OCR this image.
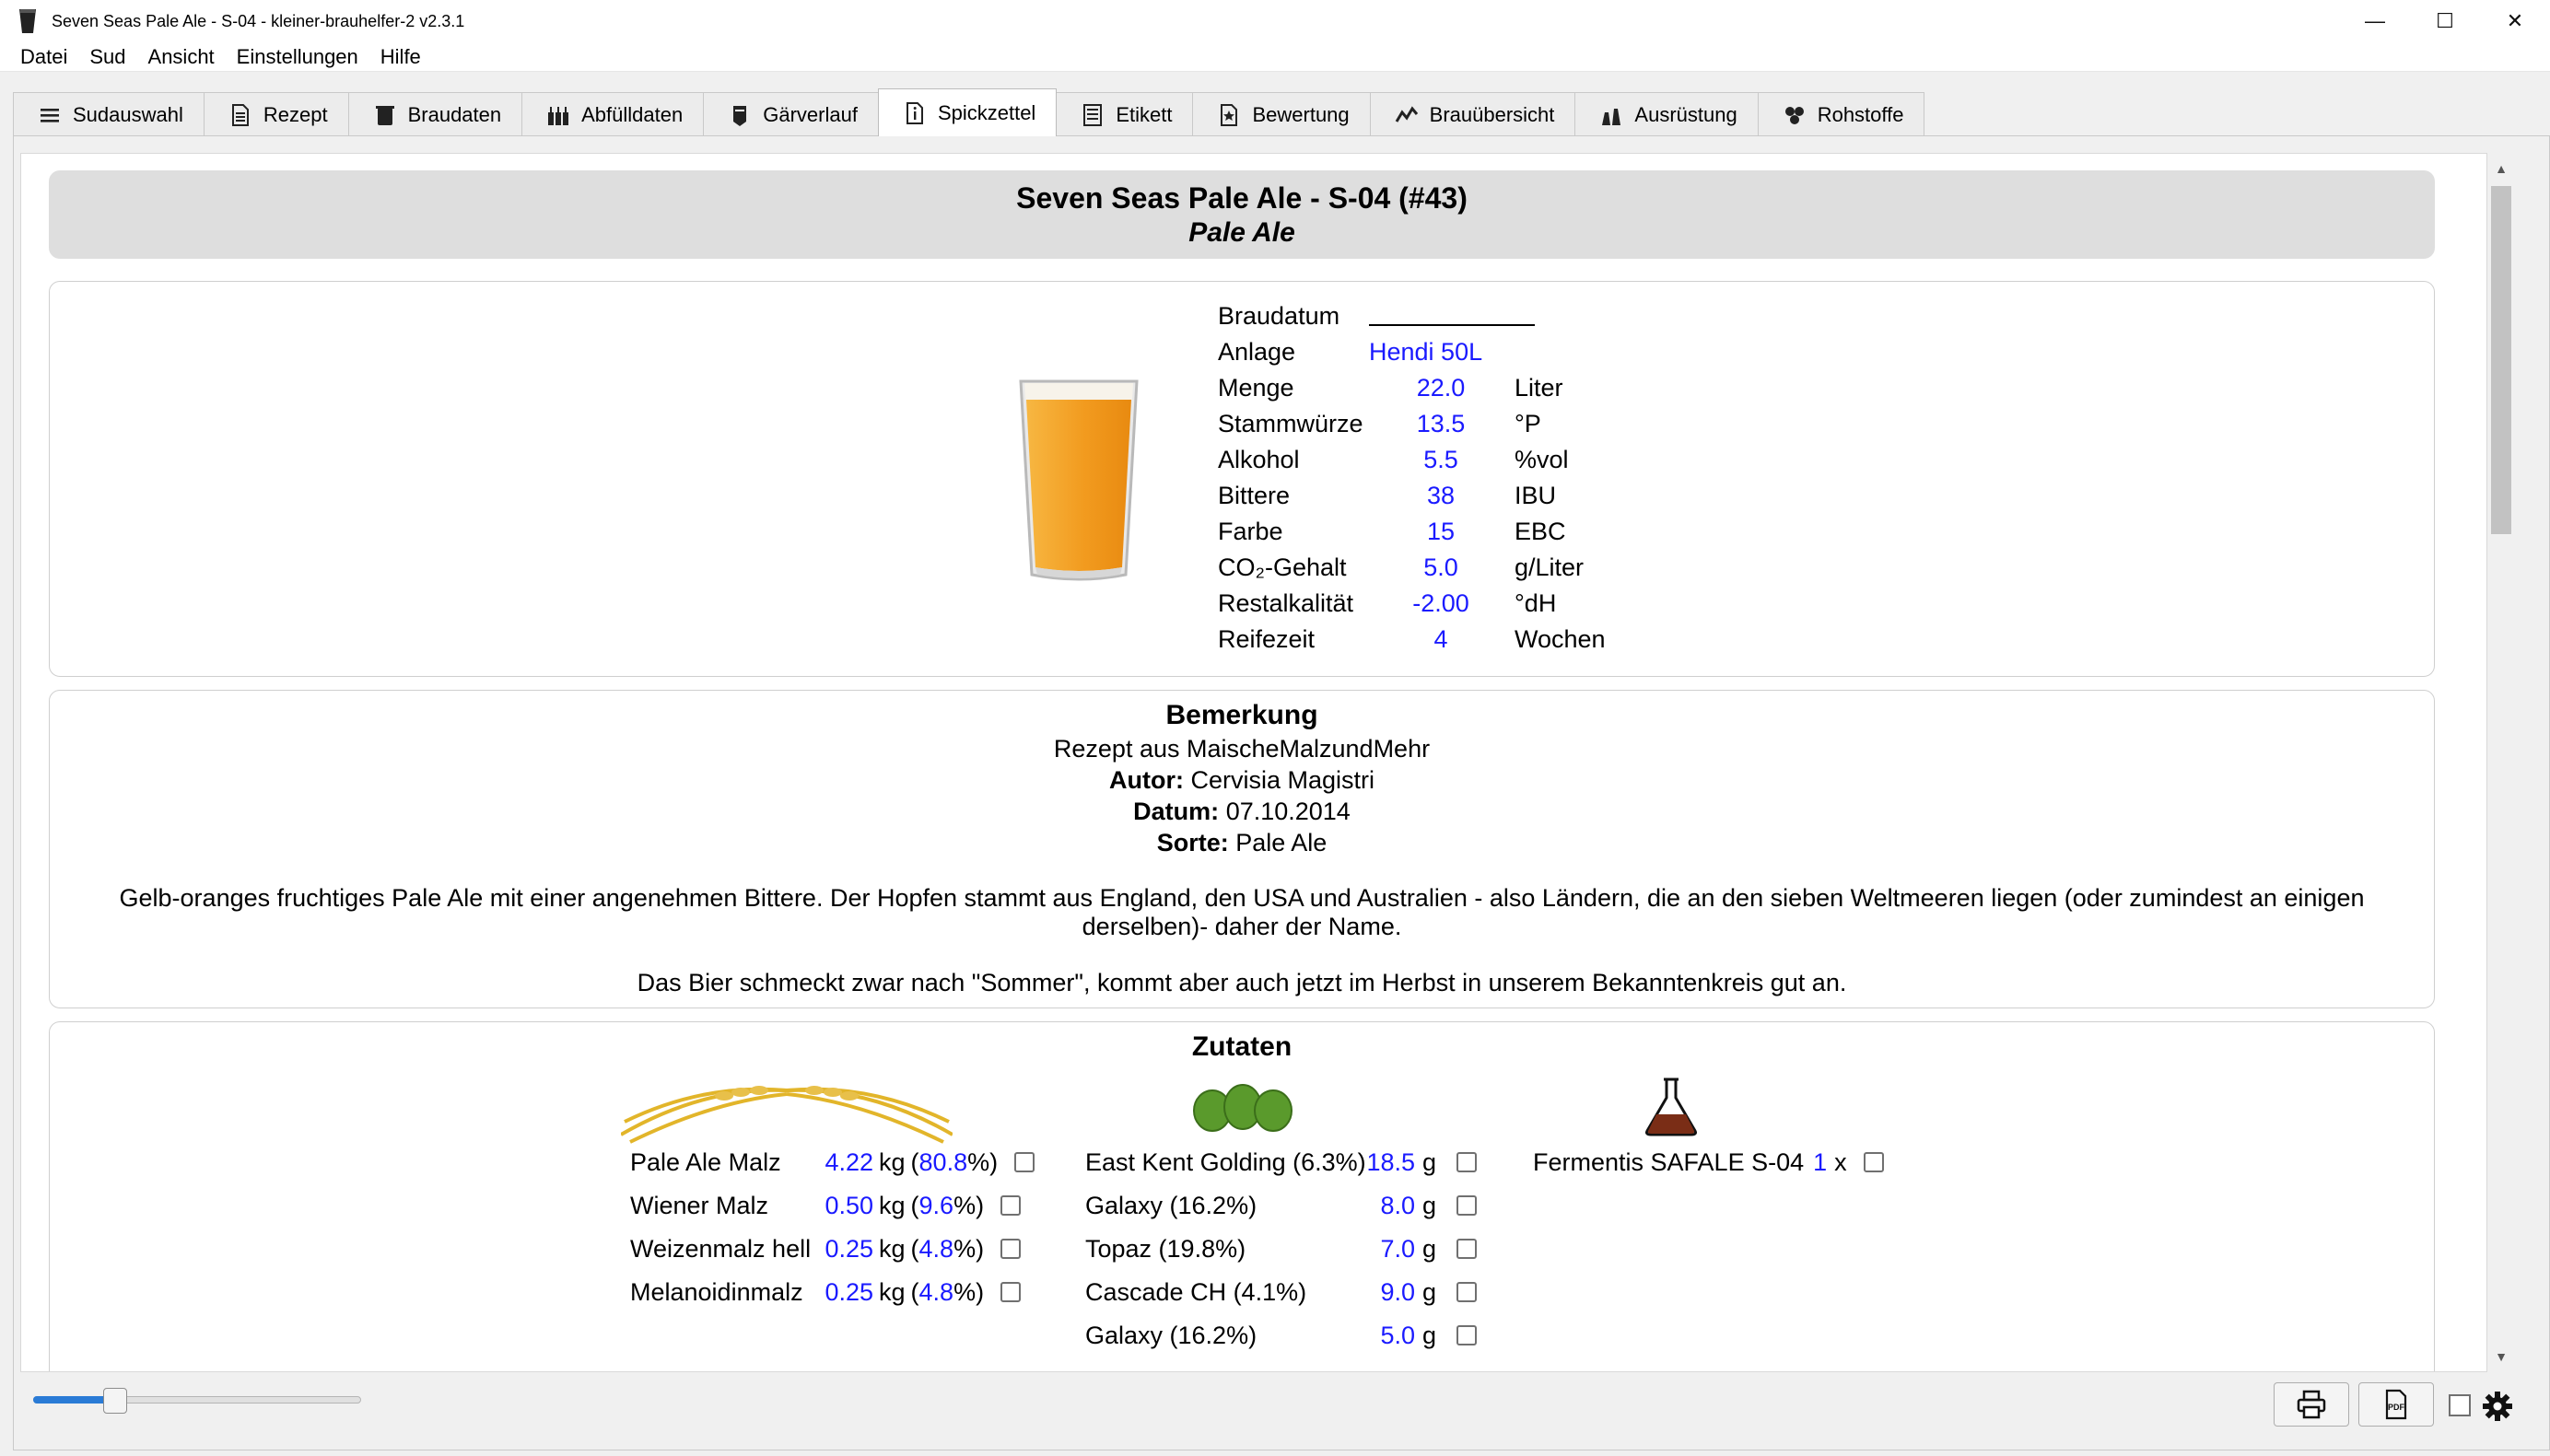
Seven Seas Pale Ale - S-04 - kleiner-brauhelfer-2 v2.3.1	—	☐	✕
Datei	Sud	Ansicht	Einstellungen	Hilfe
Sudauswahl	Rezept	Braudaten	Abfülldaten	Gärverlauf	Spickzettel	Etikett	Bewertung	Brauübersicht	Ausrüstung	Rohstoffe
Seven Seas Pale Ale - S-04 (#43)
Pale Ale
Braudatum
Anlage	Hendi 50L
Menge	22.0	Liter
Stammwürze	13.5	°P
Alkohol	5.5	%vol
Bittere	38	IBU
Farbe	15	EBC
CO₂-Gehalt	5.0	g/Liter
Restalkalität	-2.00	°dH
Reifezeit	4	Wochen
Bemerkung
Rezept aus MaischeMalzundMehr
Autor: Cervisia Magistri
Datum: 07.10.2014
Sorte: Pale Ale
Gelb-oranges fruchtiges Pale Ale mit einer angenehmen Bittere. Der Hopfen stammt aus England, den USA und Australien - also Ländern, die an den sieben Weltmeeren liegen (oder zumindest an einigen derselben)- daher der Name.
Das Bier schmeckt zwar nach "Sommer", kommt aber auch jetzt im Herbst in unserem Bekanntenkreis gut an.
Zutaten
Pale Ale Malz	4.22 kg ( 80.8 %)
Wiener Malz	0.50 kg ( 9.6 %)
Weizenmalz hell 0.25 kg ( 4.8 %)
Melanoidinmalz 0.25 kg ( 4.8 %)
East Kent Golding (6.3%) 18.5 g
Galaxy (16.2%)	8.0 g
Topaz (19.8%)	7.0 g
Cascade CH (4.1%)	9.0 g
Galaxy (16.2%)	5.0 g
Fermentis SAFALE S-04 1 x
▲
▼
PDF
